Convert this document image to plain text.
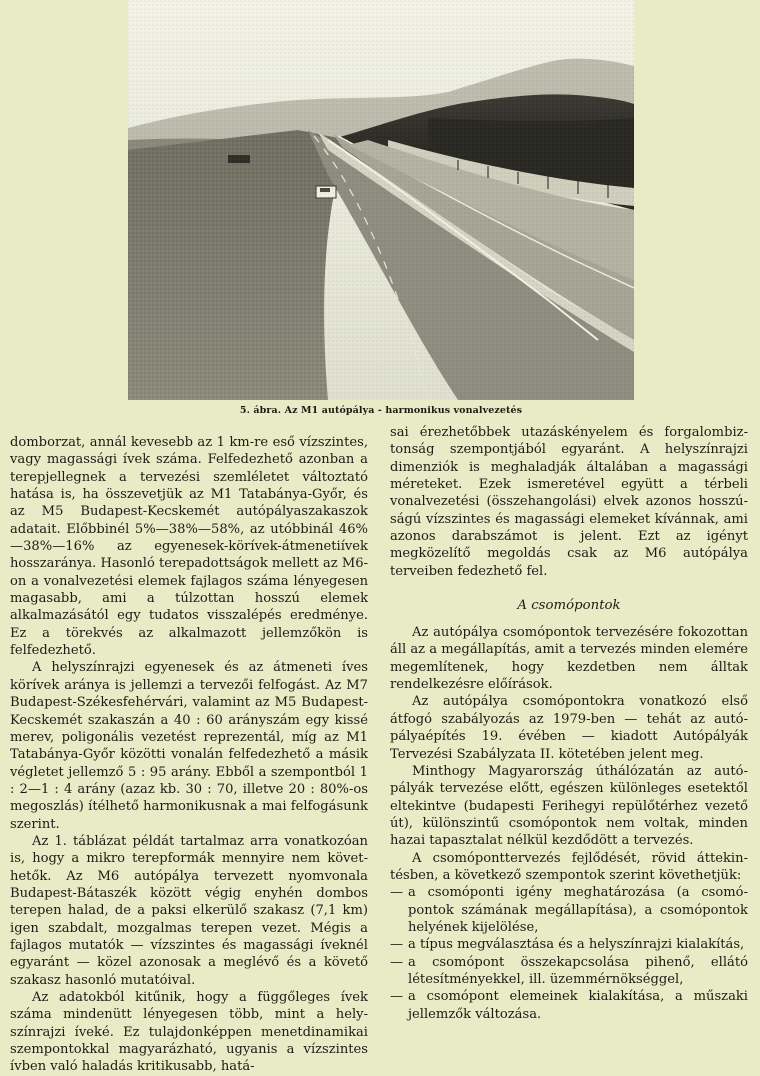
5. ábra. Az M1 autópálya - harmonikus vonalvezetés

domborzat, annál kevesebb az 1 km-re eső vízszintes, vagy magassági ívek száma. Felfedezhető azonban a terepjellegnek a tervezési szemléletet változtató hatása is, ha összevetjük az M1 Tatabánya-Győr, és az M5 Budapest-Kecskemét autópályaszakaszok adatait. Előbbinél 5%—38%—58%, az utóbbinál 46%—38%—16% az egyenesek-körívek-átmenetiívek hosszaránya. Hasonló terepadottságok mellett az M6-on a vonalvezetési elemek fajlagos száma lényegesen magasabb, ami a túlzottan hosszú elemek alkalmazásától egy tudatos visszalépés eredménye. Ez a törekvés az alkalmazott jellemzőkön is felfedezhető.

A helyszínrajzi egyenesek és az átmeneti íves körívek aránya is jellemzi a tervezői felfogást. Az M7 Budapest-Székesfehérvári, valamint az M5 Budapest-Kecskemét szakaszán a 40 : 60 arányszám egy kissé merev, poligonális vezetést reprezentál, míg az M1 Tatabánya-Győr közötti vonalán felfedezhető a másik végletet jellemző 5 : 95 arány. Ebből a szempontból 1 : 2—1 : 4 arány (azaz kb. 30 : 70, illetve 20 : 80%-os megoszlás) ítélhető harmonikusnak a mai felfogásunk szerint.

Az 1. táblázat példát tartalmaz arra vonatkozóan is, hogy a mikro terepformák mennyire nem követhetők. Az M6 autópálya tervezett nyomvonala Budapest-Bátaszék között végig enyhén dombos terepen halad, de a paksi elkerülő szakasz (7,1 km) igen szabdalt, mozgalmas terepen vezet. Mégis a fajlagos mutatók — vízszintes és magassági íveknél egyaránt — közel azonosak a meglévő és a követő szakasz hasonló mutatóival.

Az adatokból kitűnik, hogy a függőleges ívek száma mindenütt lényegesen több, mint a helyszínrajzi íveké. Ez tulajdonképpen menetdinamikai szempontokkal magyarázható, ugyanis a vízszintes ívben való haladás kritikusabb, hatá-

sai érezhetőbbek utazáskényelem és forgalombiztonság szempontjából egyaránt. A helyszínrajzi dimenziók is meghaladják általában a magassági méreteket. Ezek ismeretével együtt a térbeli vonalvezetési (összehangolási) elvek azonos hosszúságú vízszintes és magassági elemeket kívánnak, ami azonos darabszámot is jelent. Ezt az igényt megközelítő megoldás csak az M6 autópálya terveiben fedezhető fel.

A csomópontok

Az autópálya csomópontok tervezésére fokozottan áll az a megállapítás, amit a tervezés minden elemére megemlítenek, hogy kezdetben nem álltak rendelkezésre előírások.

Az autópálya csomópontokra vonatkozó első átfogó szabályozás az 1979-ben — tehát az autópályaépítés 19. évében — kiadott Autópályák Tervezési Szabályzata II. kötetében jelent meg.

Minthogy Magyarország úthálózatán az autópályák tervezése előtt, egészen különleges esetektől eltekintve (budapesti Ferihegyi repülőtérhez vezető út), különszintű csomópontok nem voltak, minden hazai tapasztalat nélkül kezdődött a tervezés.

A csomóponttervezés fejlődését, rövid áttekintésben, a következő szempontok szerint követhetjük:

— a csomóponti igény meghatározása (a csomópontok számának megállapítása), a csomópontok helyének kijelölése,
— a típus megválasztása és a helyszínrajzi kialakítás,
— a csomópont összekapcsolása pihenő, ellátó létesítményekkel, ill. üzemmérnökséggel,
— a csomópont elemeinek kialakítása, a műszaki jellemzők változása.
